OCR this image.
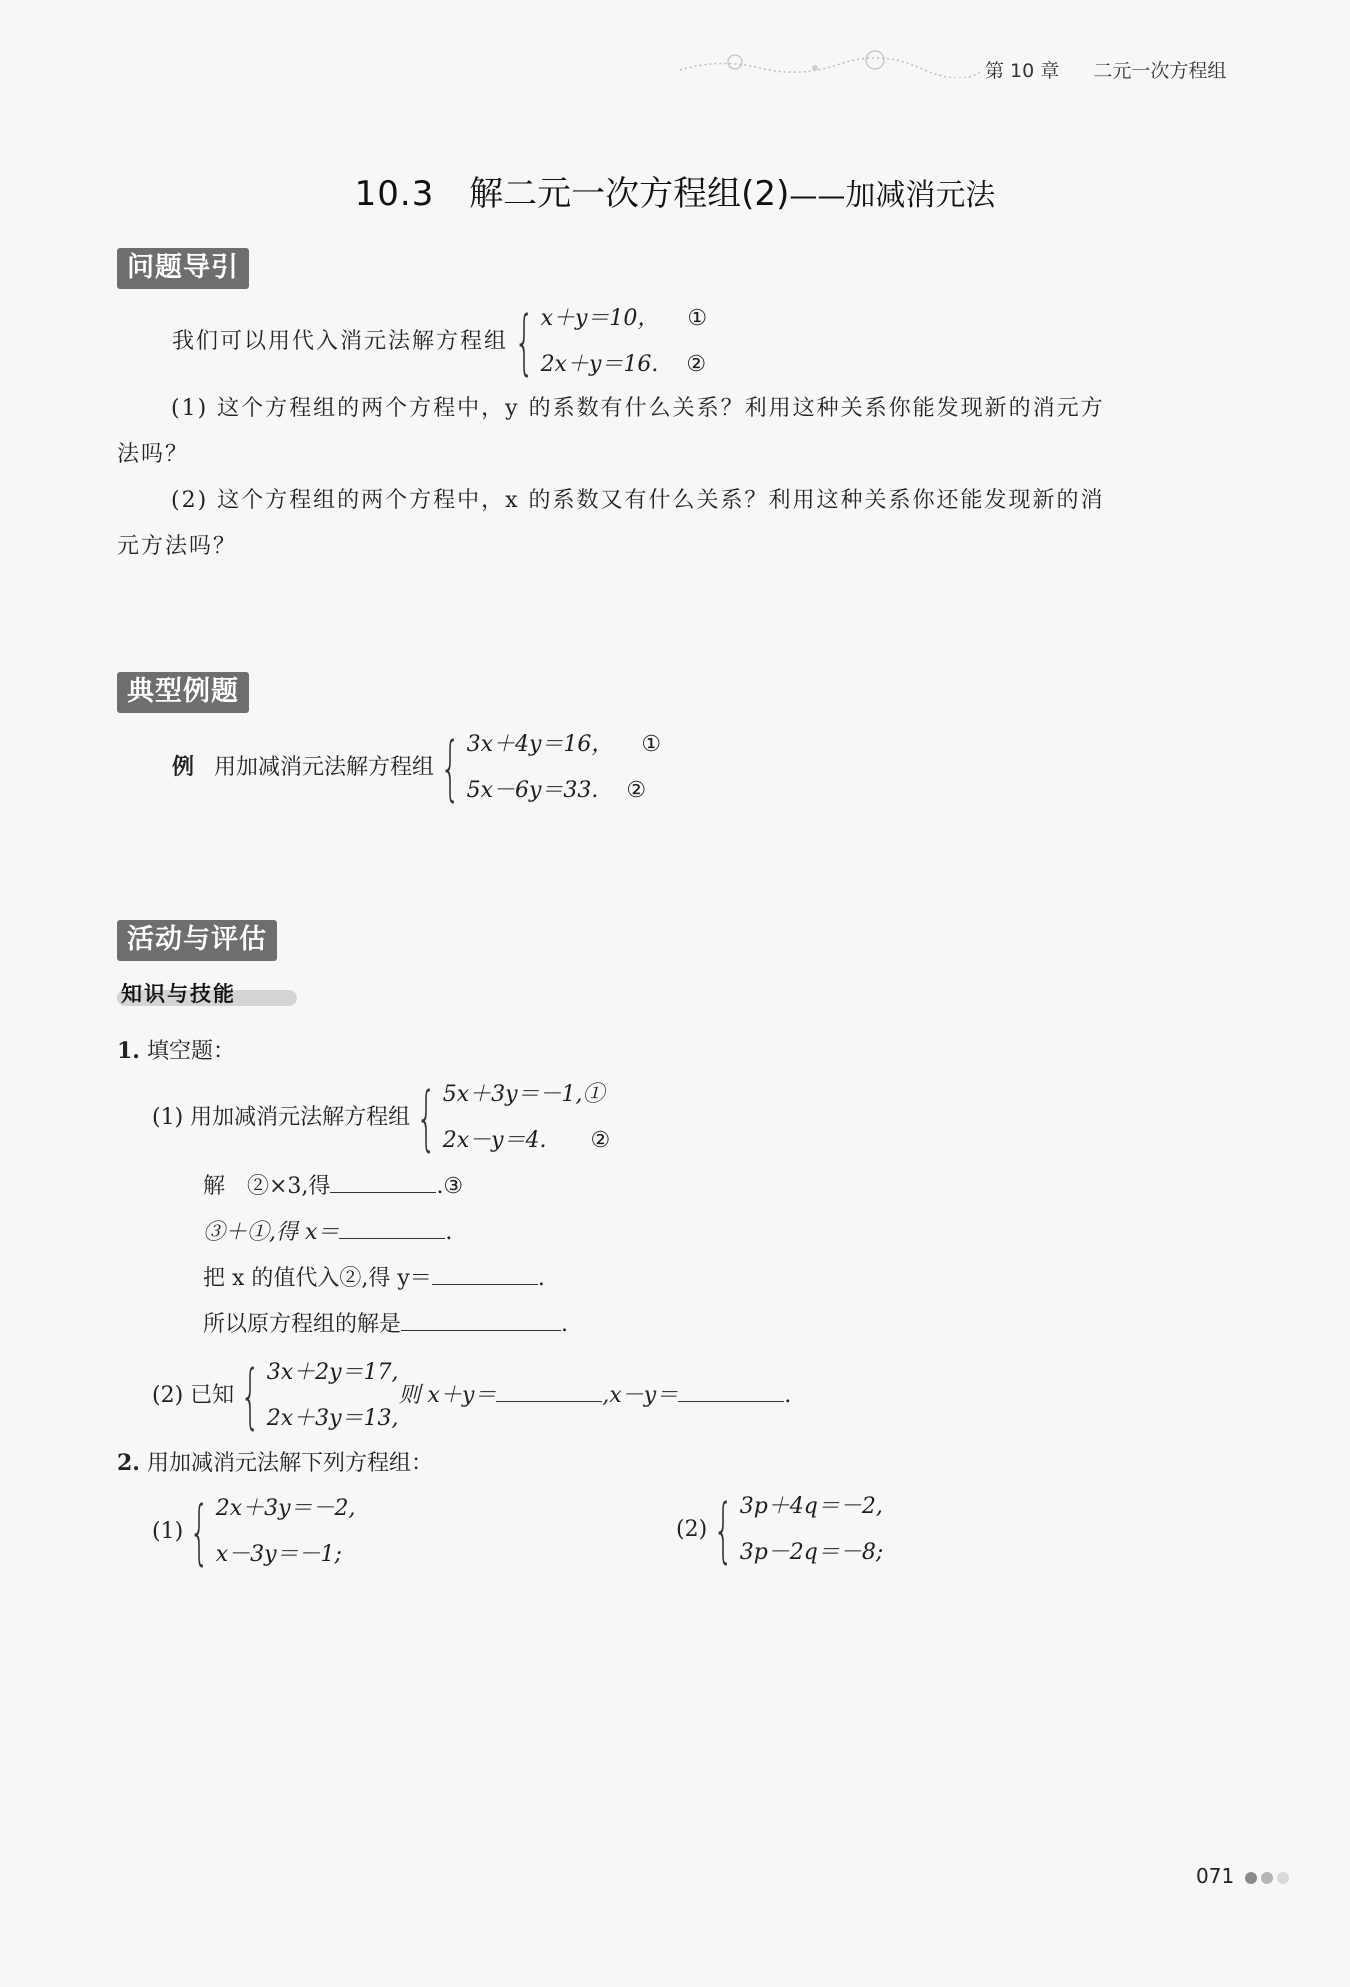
第 10 章 二元一次方程组
10.3 解二元一次方程组(2)——加减消元法
问题导引
我们可以用代入消元法解方程组 { x＋y＝10， ①
2x＋y＝16. ②
(1) 这个方程组的两个方程中，y 的系数有什么关系？利用这种关系你能发现新的消元方
法吗？
(2) 这个方程组的两个方程中，x 的系数又有什么关系？利用这种关系你还能发现新的消
元方法吗？
典型例题
例 用加减消元法解方程组 { 3x＋4y＝16， ①
5x－6y＝33. ②
活动与评估
知识与技能
1. 填空题：
(1) 用加减消元法解方程组 { 5x＋3y＝－1,①
2x－y＝4. ②
解　②×3,得	.③
③＋①,得 x＝	.
把 x 的值代入②,得 y＝	.
所以原方程组的解是	.
(2) 已知 { 3x＋2y＝17,
2x＋3y＝13,
则 x＋y＝	,x－y＝	.
2. 用加减消元法解下列方程组：
(1) { 2x＋3y＝－2,
x－3y＝－1;
(2) { 3p＋4q＝－2,
3p－2q＝－8;
071
